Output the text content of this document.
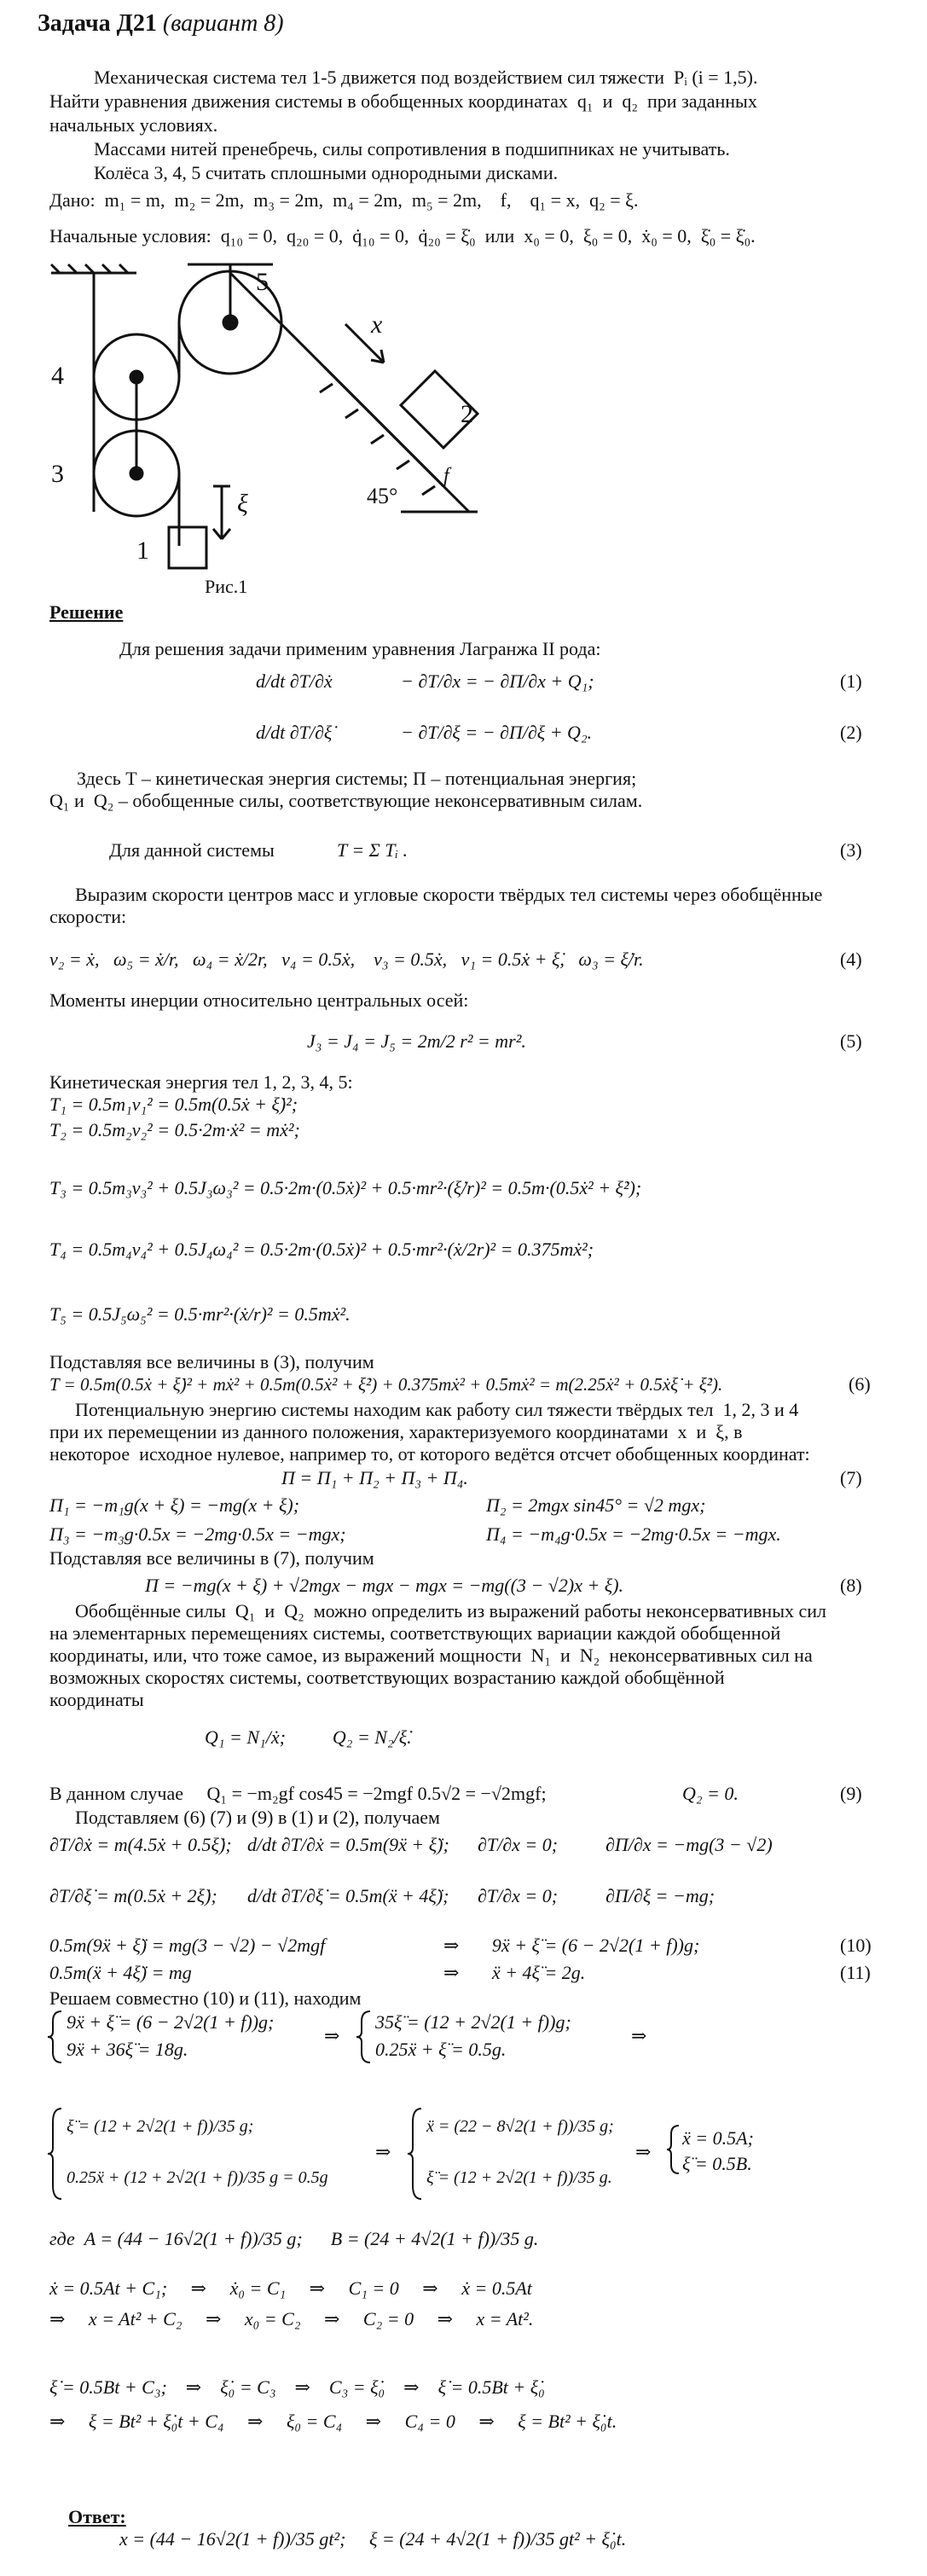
Задача Д21 (вариант 8)
Механическая система тел 1-5 движется под воздействием сил тяжести  Pᵢ (i = 1,5).
Найти уравнения движения системы в обобщенных координатах  q₁  и  q₂  при заданных
начальных условиях.
Массами нитей пренебречь, силы сопротивления в подшипниках не учитывать.
Колёса 3, 4, 5 считать сплошными однородными дисками.
Дано:  m₁ = m,  m₂ = 2m,  m₃ = 2m,  m₄ = 2m,  m₅ = 2m,    f,    q₁ = x,  q₂ = ξ.
Начальные условия:  q₁₀ = 0,  q₂₀ = 0,  q̇₁₀ = 0,  q̇₂₀ = ξ̇₀  или  x₀ = 0,  ξ₀ = 0,  ẋ₀ = 0,  ξ̇₀ = ξ̇₀.
5
4
3
1
2
x
ξ	45°
f
Рис.1
Решение
Для решения задачи применим уравнения Лагранжа II рода:
d/dt ∂T/∂ẋ	− ∂T/∂x = − ∂П/∂x + Q₁;	(1)
d/dt ∂T/∂ξ̇	− ∂T/∂ξ = − ∂П/∂ξ + Q₂.	(2)
Здесь T – кинетическая энергия системы; П – потенциальная энергия;
Q₁ и  Q₂ – обобщенные силы, соответствующие неконсервативным силам.
Для данной системы	T = Σ Tᵢ .	(3)
Выразим скорости центров масс и угловые скорости твёрдых тел системы через обобщённые
скорости:
v₂ = ẋ,   ω₅ = ẋ/r,   ω₄ = ẋ/2r,   v₄ = 0.5ẋ,    v₃ = 0.5ẋ,   v₁ = 0.5ẋ + ξ̇,   ω₃ = ξ̇/r.	(4)
Моменты инерции относительно центральных осей:
J₃ = J₄ = J₅ = 2m/2 r² = mr².	(5)
Кинетическая энергия тел 1, 2, 3, 4, 5:
T₁ = 0.5m₁v₁² = 0.5m(0.5ẋ + ξ̇)²;
T₂ = 0.5m₂v₂² = 0.5·2m·ẋ² = mẋ²;
T₃ = 0.5m₃v₃² + 0.5J₃ω₃² = 0.5·2m·(0.5ẋ)² + 0.5·mr²·(ξ̇/r)² = 0.5m·(0.5ẋ² + ξ̇²);
T₄ = 0.5m₄v₄² + 0.5J₄ω₄² = 0.5·2m·(0.5ẋ)² + 0.5·mr²·(ẋ/2r)² = 0.375mẋ²;
T₅ = 0.5J₅ω₅² = 0.5·mr²·(ẋ/r)² = 0.5mẋ².
Подставляя все величины в (3), получим
T = 0.5m(0.5ẋ + ξ̇)² + mẋ² + 0.5m(0.5ẋ² + ξ̇²) + 0.375mẋ² + 0.5mẋ² = m(2.25ẋ² + 0.5ẋξ̇ + ξ̇²).	(6)
Потенциальную энергию системы находим как работу сил тяжести твёрдых тел  1, 2, 3 и 4
при их перемещении из данного положения, характеризуемого координатами  x  и  ξ, в
некоторое  исходное нулевое, например то, от которого ведётся отсчет обобщенных координат:
П = П₁ + П₂ + П₃ + П₄.	(7)
П₁ = −m₁g(x + ξ) = −mg(x + ξ);	П₂ = 2mgx sin45° = √2 mgx;
П₃ = −m₃g·0.5x = −2mg·0.5x = −mgx;	П₄ = −m₄g·0.5x = −2mg·0.5x = −mgx.
Подставляя все величины в (7), получим
П = −mg(x + ξ) + √2mgx − mgx − mgx = −mg((3 − √2)x + ξ).	(8)
Обобщённые силы  Q₁  и  Q₂  можно определить из выражений работы неконсервативных сил
на элементарных перемещениях системы, соответствующих вариации каждой обобщенной
координаты, или, что тоже самое, из выражений мощности  N₁  и  N₂  неконсервативных сил на
возможных скоростях системы, соответствующих возрастанию каждой обобщённой
координаты
Q₁ = N₁/ẋ;          Q₂ = N₂/ξ̇.
В данном случае     Q₁ = −m₂gf cos45 = −2mgf 0.5√2 = −√2mgf;	Q₂ = 0.	(9)
Подставляем (6) (7) и (9) в (1) и (2), получаем
∂T/∂ẋ = m(4.5ẋ + 0.5ξ̇); d/dt ∂T/∂ẋ = 0.5m(9ẍ + ξ̈); ∂T/∂x = 0;	∂П/∂x = −mg(3 − √2)
∂T/∂ξ̇ = m(0.5ẋ + 2ξ̇); d/dt ∂T/∂ξ̇ = 0.5m(ẍ + 4ξ̈); ∂T/∂x = 0;	∂П/∂ξ = −mg;
0.5m(9ẍ + ξ̈) = mg(3 − √2) − √2mgf	⇒       9ẍ + ξ̈ = (6 − 2√2(1 + f))g;	(10)
0.5m(ẍ + 4ξ̈) = mg	⇒       ẍ + 4ξ̈ = 2g.	(11)
Решаем совместно (10) и (11), находим
9ẍ + ξ̈ = (6 − 2√2(1 + f))g;
9ẍ + 36ξ̈ = 18g.
⇒
35ξ̈ = (12 + 2√2(1 + f))g;
0.25ẍ + ξ̈ = 0.5g.
⇒
ξ̈ = (12 + 2√2(1 + f))/35 g;
0.25ẍ + (12 + 2√2(1 + f))/35 g = 0.5g
⇒
ẍ = (22 − 8√2(1 + f))/35 g;
ξ̈ = (12 + 2√2(1 + f))/35 g.
⇒
ẍ = 0.5A;
ξ̈ = 0.5B.
где  A = (44 − 16√2(1 + f))/35 g;      B = (24 + 4√2(1 + f))/35 g.
ẋ = 0.5At + C₁;     ⇒     ẋ₀ = C₁     ⇒     C₁ = 0     ⇒     ẋ = 0.5At
⇒     x = At² + C₂     ⇒     x₀ = C₂     ⇒     C₂ = 0     ⇒     x = At².
ξ̇ = 0.5Bt + C₃;    ⇒    ξ̇₀ = C₃    ⇒    C₃ = ξ̇₀    ⇒    ξ̇ = 0.5Bt + ξ̇₀
⇒     ξ = Bt² + ξ̇₀t + C₄     ⇒     ξ₀ = C₄     ⇒     C₄ = 0     ⇒     ξ = Bt² + ξ̇₀t.

Ответ:
x = (44 − 16√2(1 + f))/35 gt²;     ξ = (24 + 4√2(1 + f))/35 gt² + ξ̇₀t.
